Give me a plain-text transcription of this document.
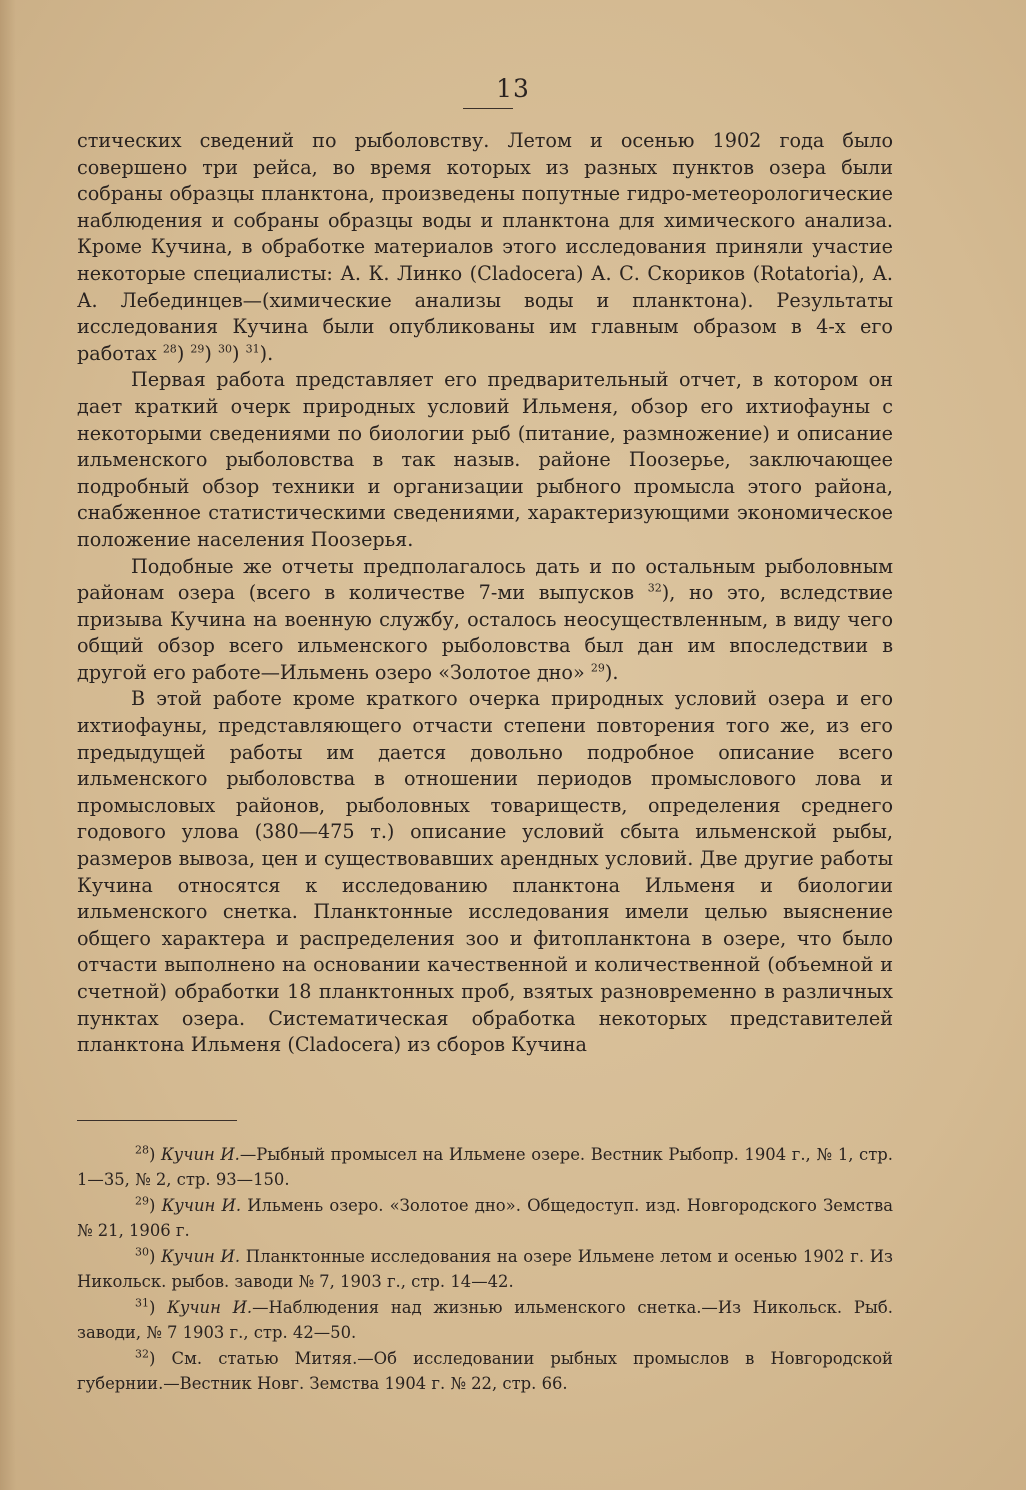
13

стических сведений по рыболовству. Летом и осенью 1902 года было совершено три рейса, во время которых из разных пунктов озера были собраны образцы планктона, произведены попутные гидро-метеорологические наблюдения и собраны образцы воды и планктона для химического анализа. Кроме Кучина, в обработке материалов этого исследования приняли участие некоторые специалисты: А. К. Линко (Cladocera) А. С. Скориков (Rotatoria), А. А. Лебединцев—(химические анализы воды и планктона). Результаты исследования Кучина были опубликованы им главным образом в 4-х его работах $^{28}$) $^{29}$) $^{30}$) $^{31}$).

Первая работа представляет его предварительный отчет, в котором он дает краткий очерк природных условий Ильменя, обзор его ихтиофауны с некоторыми сведениями по биологии рыб (питание, размножение) и описание ильменского рыболовства в так назыв. районе Поозерье, заключающее подробный обзор техники и организации рыбного промысла этого района, снабженное статистическими сведениями, характеризующими экономическое положение населения Поозерья.

Подобные же отчеты предполагалось дать и по остальным рыболовным районам озера (всего в количестве 7-ми выпусков $^{32}$), но это, вследствие призыва Кучина на военную службу, осталось неосуществленным, в виду чего общий обзор всего ильменского рыболовства был дан им впоследствии в другой его работе—Ильмень озеро «Золотое дно» $^{29}$).

В этой работе кроме краткого очерка природных условий озера и его ихтиофауны, представляющего отчасти степени повторения того же, из его предыдущей работы им дается довольно подробное описание всего ильменского рыболовства в отношении периодов промыслового лова и промысловых районов, рыболовных товариществ, определения среднего годового улова (380—475 т.) описание условий сбыта ильменской рыбы, размеров вывоза, цен и существовавших арендных условий. Две другие работы Кучина относятся к исследованию планктона Ильменя и биологии ильменского снетка. Планктонные исследования имели целью выяснение общего характера и распределения зоо и фитопланктона в озере, что было отчасти выполнено на основании качественной и количественной (объемной и счетной) обработки 18 планктонных проб, взятых разновременно в различных пунктах озера. Систематическая обработка некоторых представителей планктона Ильменя (Cladocera) из сборов Кучина

$^{28}$) Кучин И.—Рыбный промысел на Ильмене озере. Вестник Рыбопр. 1904 г., № 1, стр. 1—35, № 2, стр. 93—150.

$^{29}$) Кучин И. Ильмень озеро. «Золотое дно». Общедоступ. изд. Новгородского Земства № 21, 1906 г.

$^{30}$) Кучин И. Планктонные исследования на озере Ильмене летом и осенью 1902 г. Из Никольск. рыбов. заводи № 7, 1903 г., стр. 14—42.

$^{31}$) Кучин И.—Наблюдения над жизнью ильменского снетка.—Из Никольск. Рыб. заводи, № 7 1903 г., стр. 42—50.

$^{32}$) См. статью Митяя.—Об исследовании рыбных промыслов в Новгородской губернии.—Вестник Новг. Земства 1904 г. № 22, стр. 66.
